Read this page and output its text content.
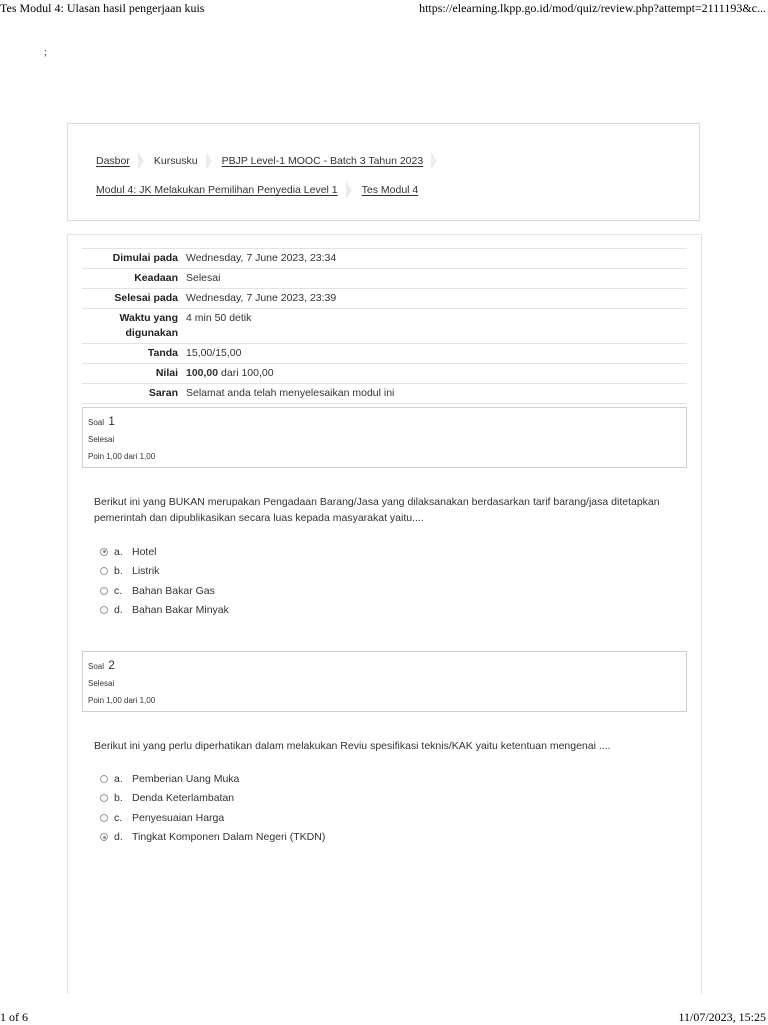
Tes Modul 4: Ulasan hasil pengerjaan kuis	https://elearning.lkpp.go.id/mod/quiz/review.php?attempt=2111193&c...
;
Dasbor Kursusku PBJP Level-1 MOOC - Batch 3 Tahun 2023
Modul 4: JK Melakukan Pemilihan Penyedia Level 1 Tes Modul 4
Dimulai pada	Wednesday, 7 June 2023, 23:34
Keadaan	Selesai
Selesai pada	Wednesday, 7 June 2023, 23:39
Waktu yang
digunakan	4 min 50 detik
Tanda	15,00/15,00
Nilai	100,00 dari 100,00
Saran	Selamat anda telah menyelesaikan modul ini
Soal 1
Selesai
Poin 1,00 dari 1,00
Berikut ini yang BUKAN merupakan Pengadaan Barang/Jasa yang dilaksanakan berdasarkan tarif barang/jasa ditetapkan pemerintah dan dipublikasikan secara luas kepada masyarakat yaitu....
a. Hotel
b. Listrik
c. Bahan Bakar Gas
d. Bahan Bakar Minyak
Soal 2
Selesai
Poin 1,00 dari 1,00
Berikut ini yang perlu diperhatikan dalam melakukan Reviu spesifikasi teknis/KAK yaitu ketentuan mengenai ....
a. Pemberian Uang Muka
b. Denda Keterlambatan
c. Penyesuaian Harga
d. Tingkat Komponen Dalam Negeri (TKDN)
1 of 6	11/07/2023, 15:25
